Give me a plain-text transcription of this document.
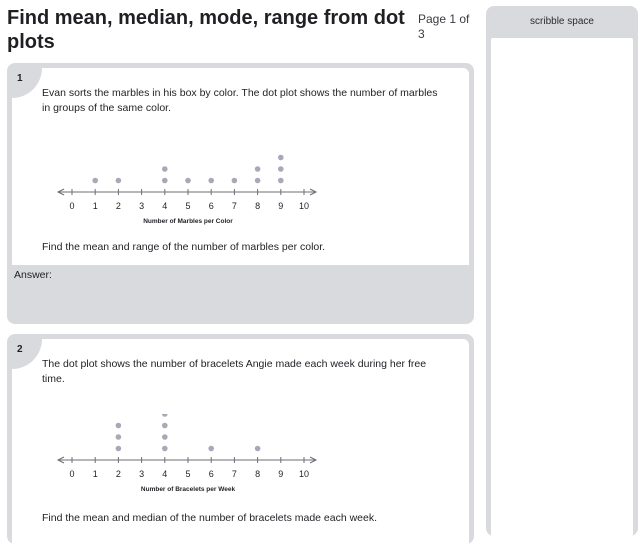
Find mean, median, mode, range from dot plots
Page 1 of 3
scribble space
1
Evan sorts the marbles in his box by color. The dot plot shows the number of marbles in groups of the same color.
0 1 2 3 4 5 6 7 8 9 10
Number of Marbles per Color
Find the mean and range of the number of marbles per color.
Answer:
2
The dot plot shows the number of bracelets Angie made each week during her free time.
0 1 2 3 4 5 6 7 8 9 10
Number of Bracelets per Week
Find the mean and median of the number of bracelets made each week.
